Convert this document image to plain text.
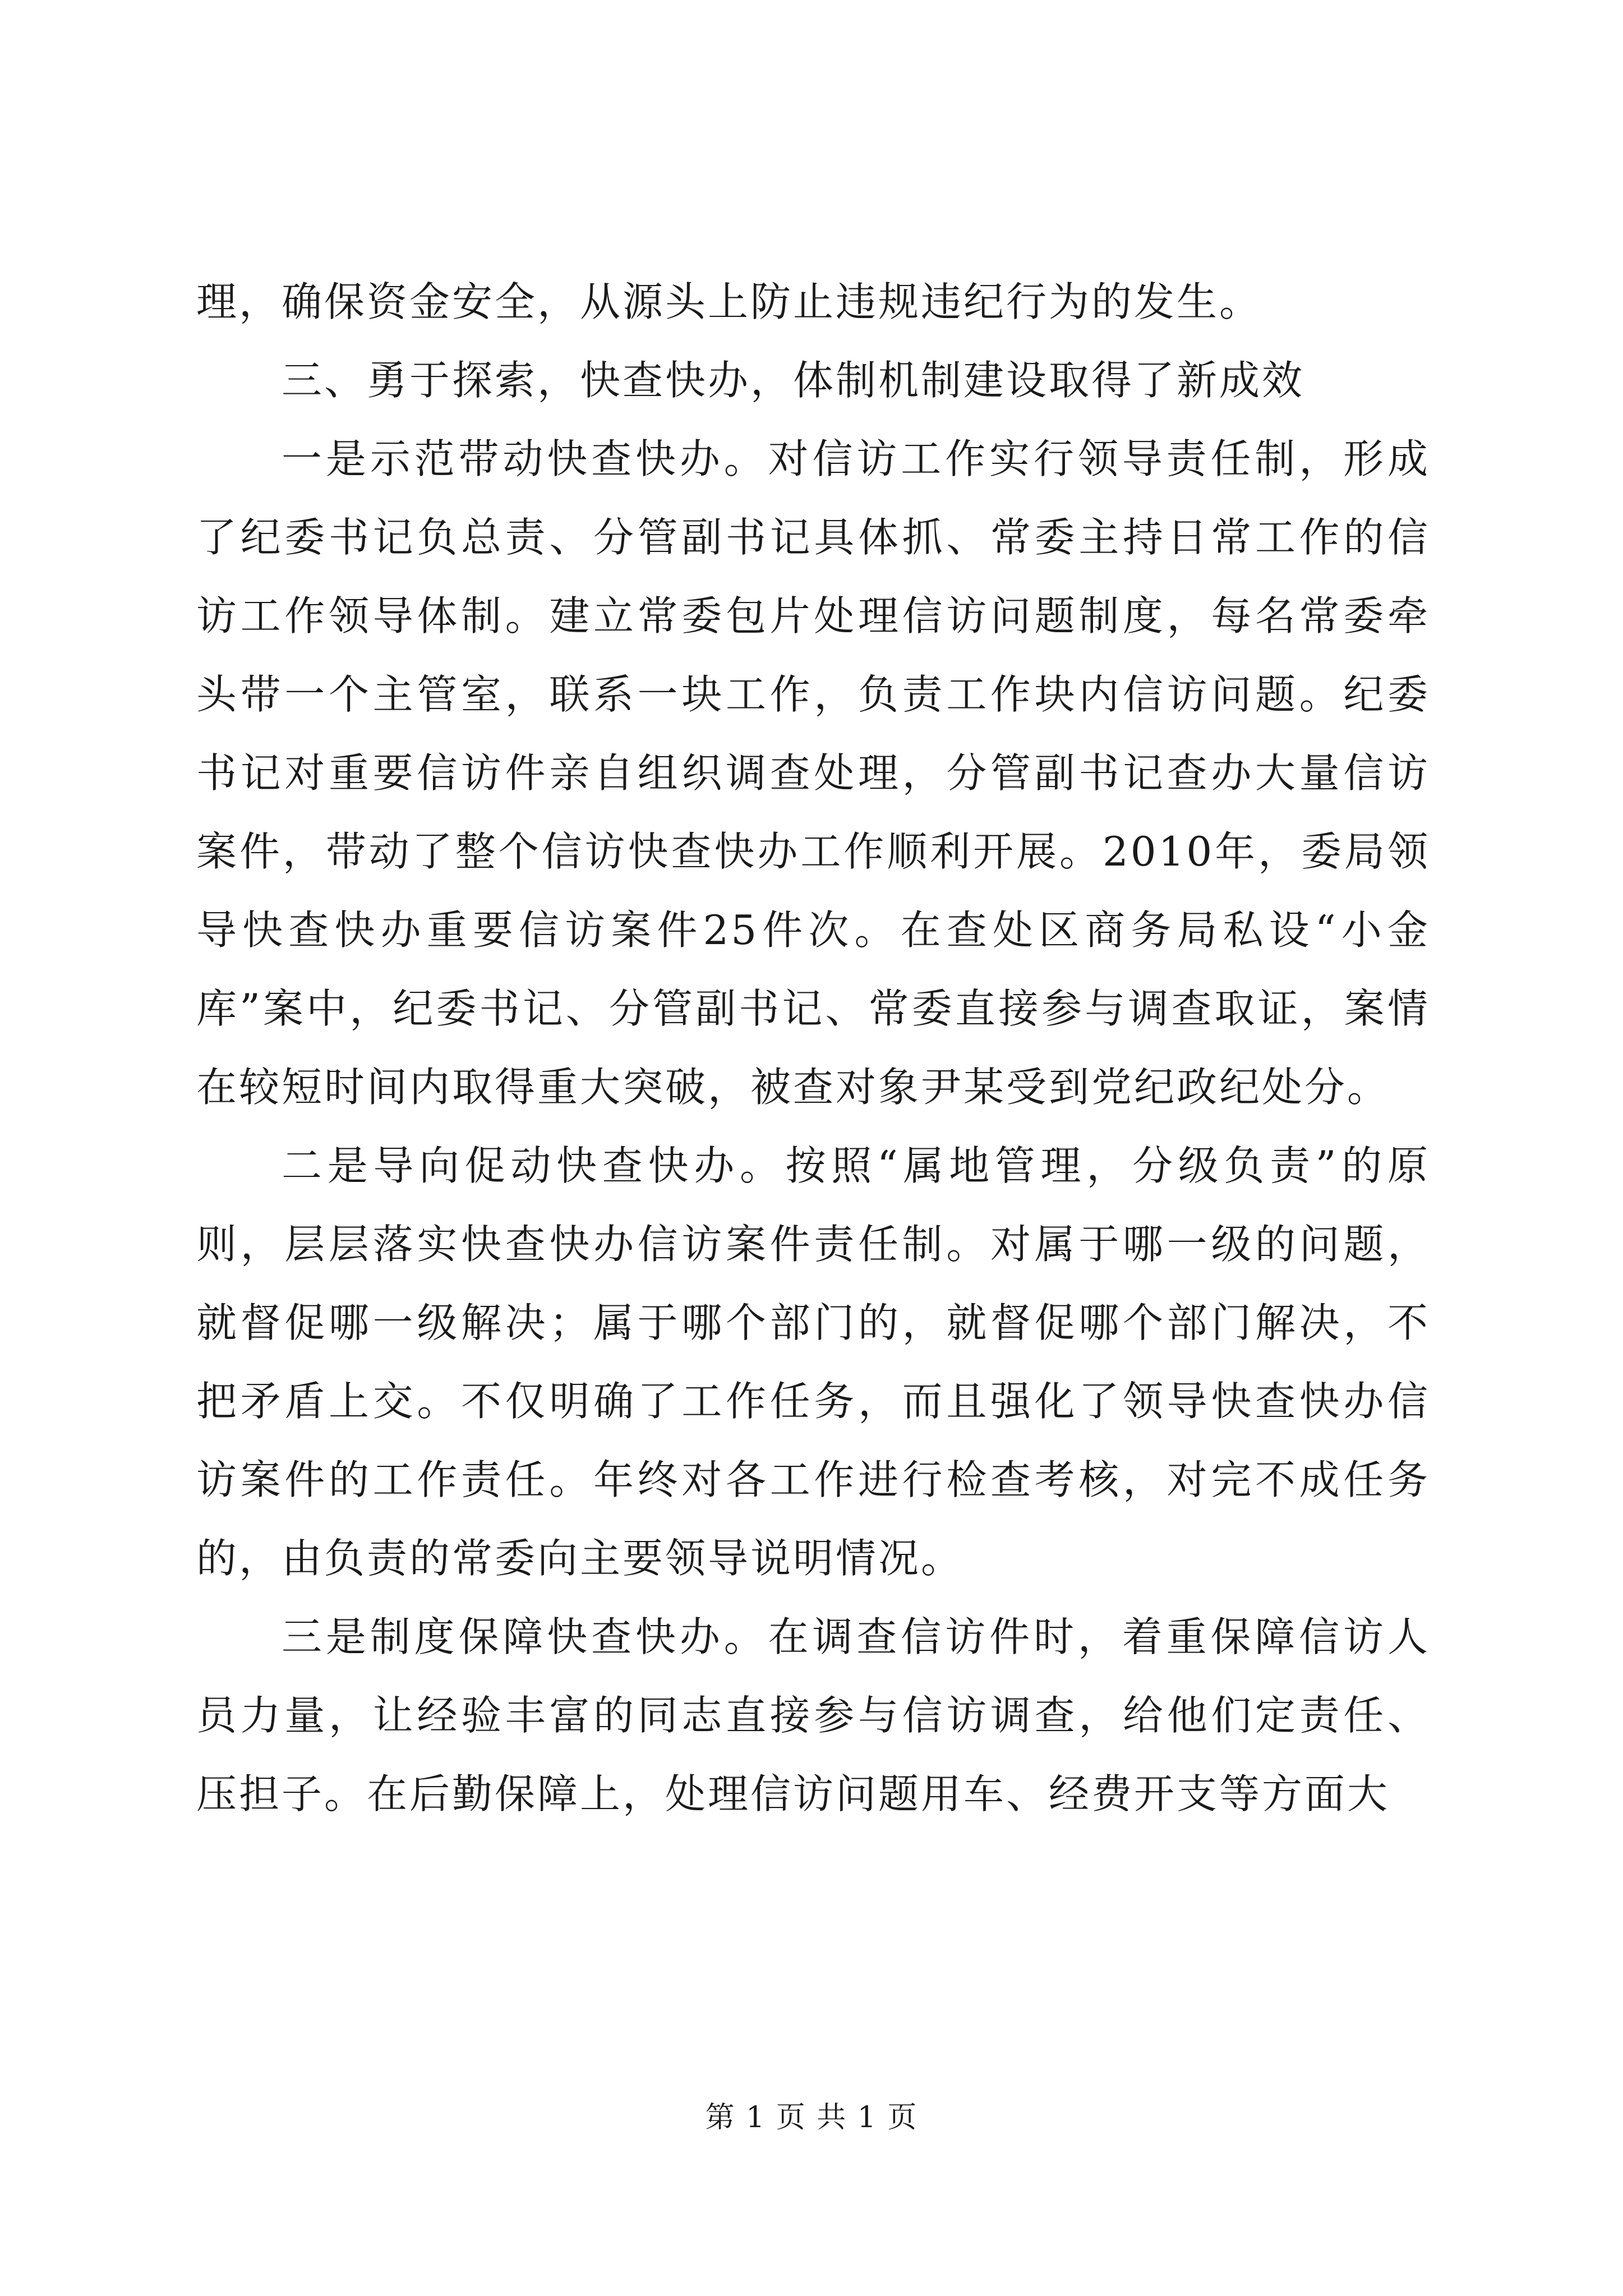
理，确保资金安全，从源头上防止违规违纪行为的发生。

三、勇于探索，快查快办，体制机制建设取得了新成效

一是示范带动快查快办。对信访工作实行领导责任制，形成了纪委书记负总责、分管副书记具体抓、常委主持日常工作的信访工作领导体制。建立常委包片处理信访问题制度，每名常委牵头带一个主管室，联系一块工作，负责工作块内信访问题。纪委书记对重要信访件亲自组织调查处理，分管副书记查办大量信访案件，带动了整个信访快查快办工作顺利开展。2010年，委局领导快查快办重要信访案件25件次。在查处区商务局私设“小金库”案中，纪委书记、分管副书记、常委直接参与调查取证，案情在较短时间内取得重大突破，被查对象尹某受到党纪政纪处分。

二是导向促动快查快办。按照“属地管理，分级负责”的原则，层层落实快查快办信访案件责任制。对属于哪一级的问题，就督促哪一级解决；属于哪个部门的，就督促哪个部门解决，不把矛盾上交。不仅明确了工作任务，而且强化了领导快查快办信访案件的工作责任。年终对各工作进行检查考核，对完不成任务的，由负责的常委向主要领导说明情况。

三是制度保障快查快办。在调查信访件时，着重保障信访人员力量，让经验丰富的同志直接参与信访调查，给他们定责任、压担子。在后勤保障上，处理信访问题用车、经费开支等方面大

第 1 页 共 1 页
